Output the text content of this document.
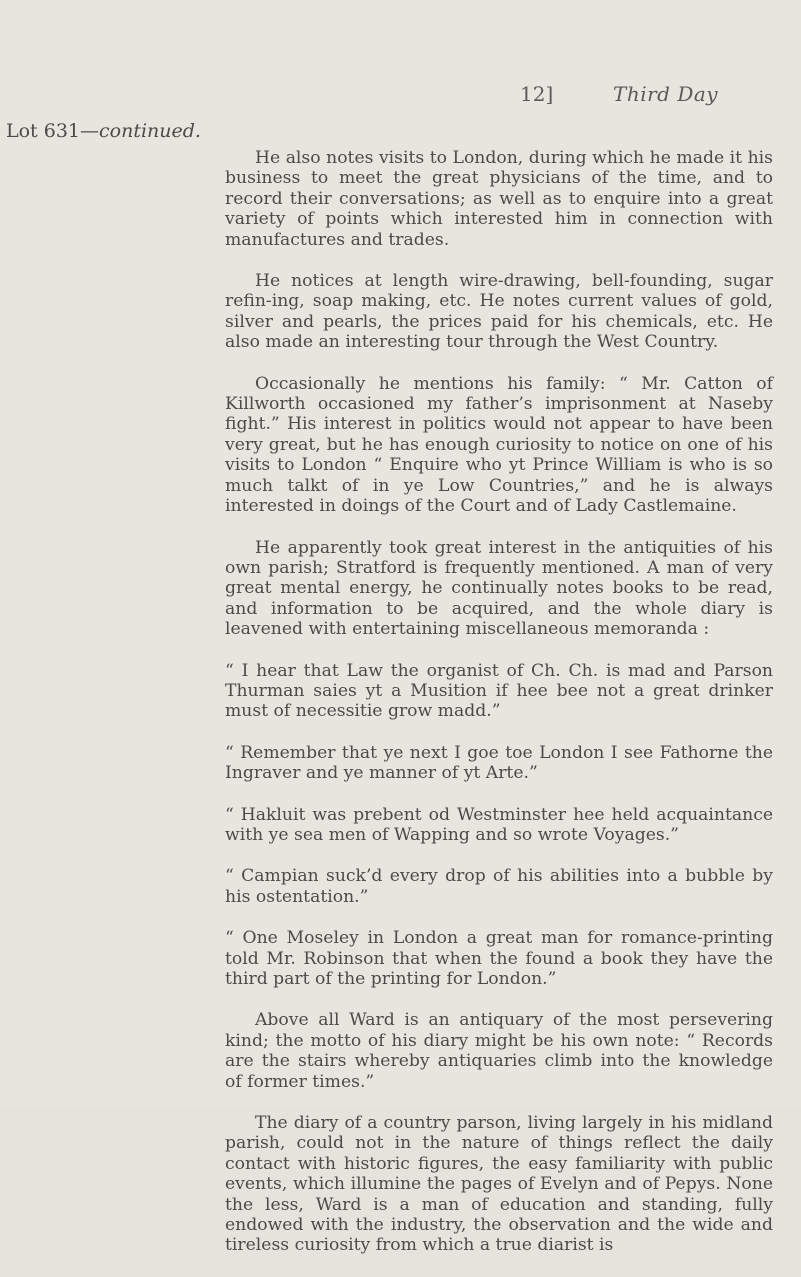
12]	Third Day
Lot 631—continued.

He also notes visits to London, during which he made it his business to meet the great physicians of the time, and to record their conversations; as well as to enquire into a great variety of points which interested him in connection with manufactures and trades.

He notices at length wire-drawing, bell-founding, sugar refin-ing, soap making, etc. He notes current values of gold, silver and pearls, the prices paid for his chemicals, etc. He also made an interesting tour through the West Country.

Occasionally he mentions his family: “ Mr. Catton of Killworth occasioned my father’s imprisonment at Naseby fight.” His interest in politics would not appear to have been very great, but he has enough curiosity to notice on one of his visits to London “ Enquire who yt Prince William is who is so much talkt of in ye Low Countries,” and he is always interested in doings of the Court and of Lady Castlemaine.

He apparently took great interest in the antiquities of his own parish; Stratford is frequently mentioned. A man of very great mental energy, he continually notes books to be read, and information to be acquired, and the whole diary is leavened with entertaining miscellaneous memoranda :

“ I hear that Law the organist of Ch. Ch. is mad and Parson Thurman saies yt a Musition if hee bee not a great drinker must of necessitie grow madd.”

“ Remember that ye next I goe toe London I see Fathorne the Ingraver and ye manner of yt Arte.”

“ Hakluit was prebent od Westminster hee held acquaintance with ye sea men of Wapping and so wrote Voyages.”

“ Campian suck’d every drop of his abilities into a bubble by his ostentation.”

“ One Moseley in London a great man for romance-printing told Mr. Robinson that when the found a book they have the third part of the printing for London.”

Above all Ward is an antiquary of the most persevering kind; the motto of his diary might be his own note: “ Records are the stairs whereby antiquaries climb into the knowledge of former times.”

The diary of a country parson, living largely in his midland parish, could not in the nature of things reflect the daily contact with historic figures, the easy familiarity with public events, which illumine the pages of Evelyn and of Pepys. None the less, Ward is a man of education and standing, fully endowed with the industry, the observation and the wide and tireless curiosity from which a true diarist is
